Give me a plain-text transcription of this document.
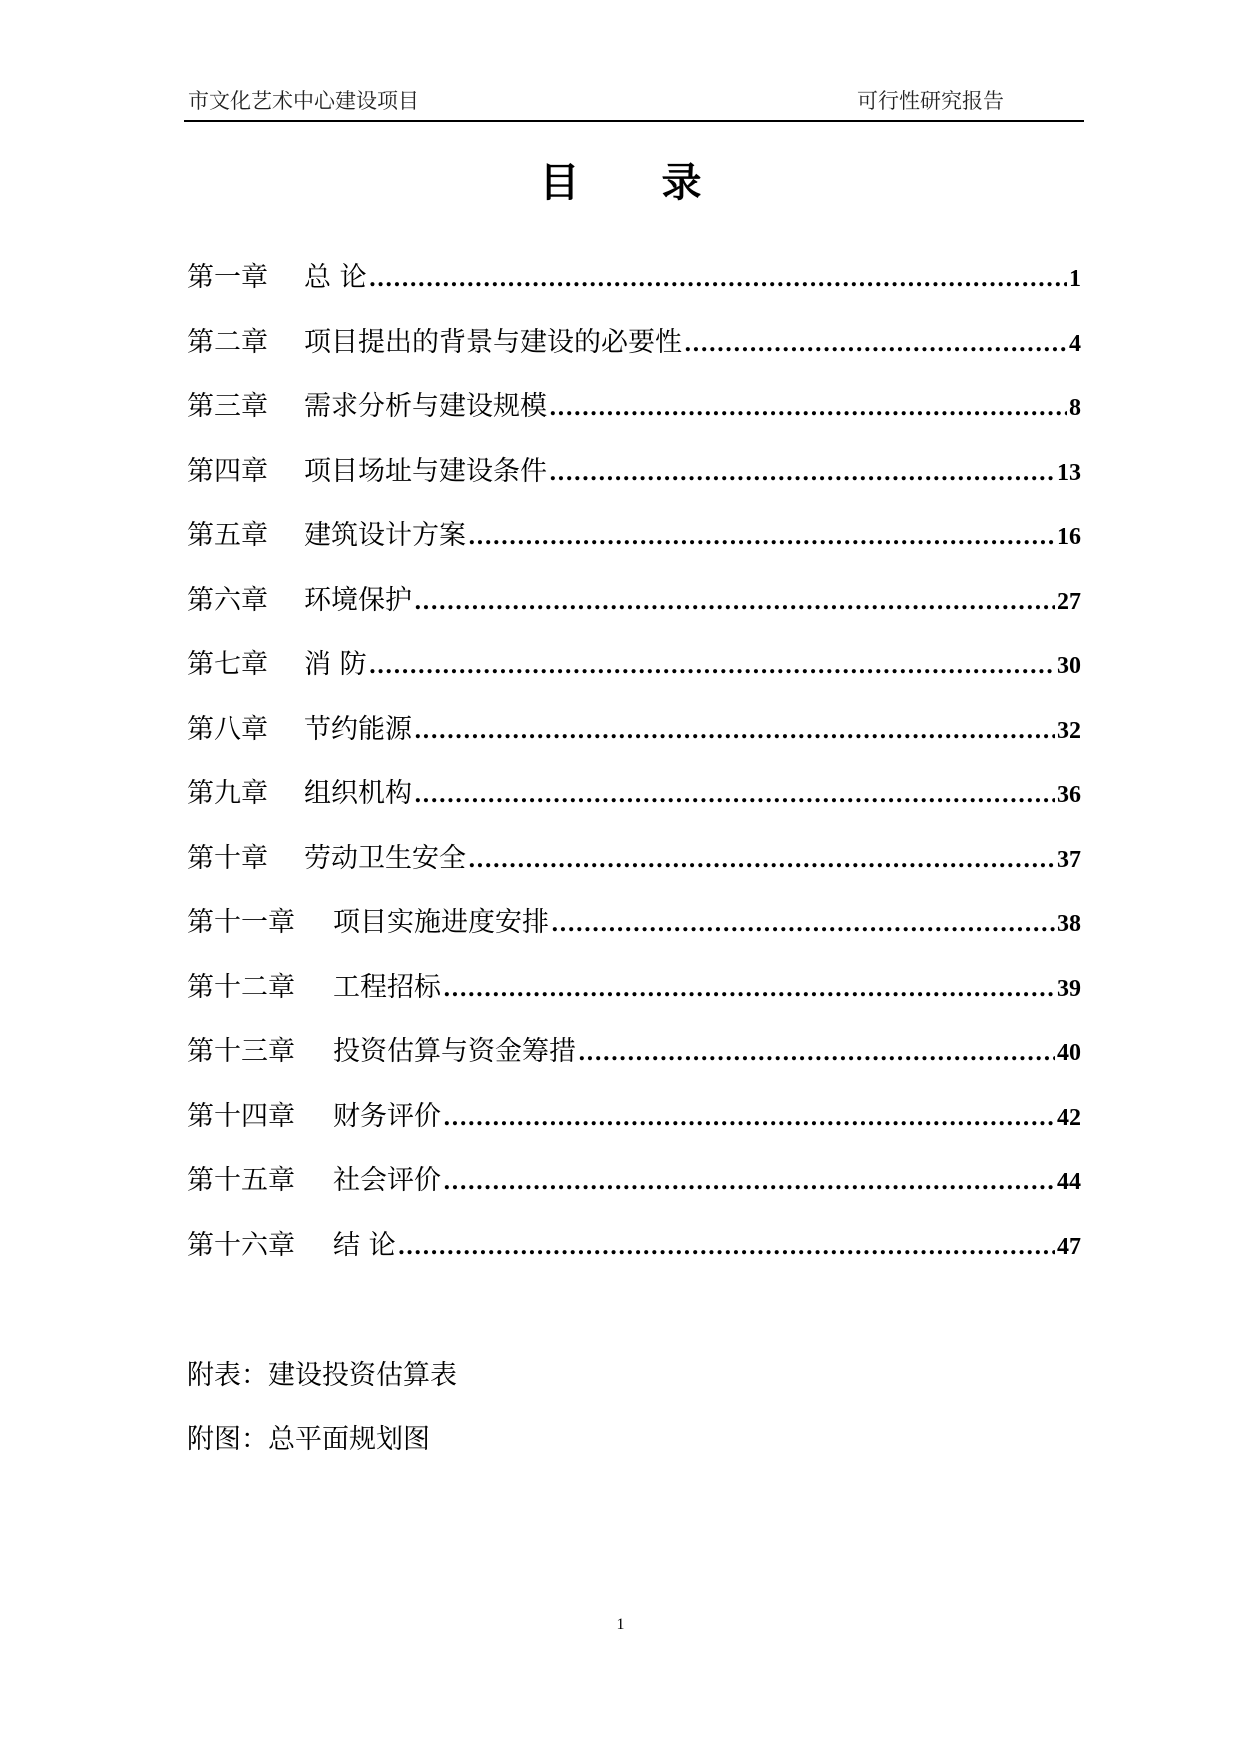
市文化艺术中心建设项目	可行性研究报告
目 录
第一章	总 论 .....	1
第二章	项目提出的背景与建设的必要性 .....	4
第三章	需求分析与建设规模 .....	8
第四章	项目场址与建设条件 .....	13
第五章	建筑设计方案 .....	16
第六章	环境保护 .....	27
第七章	消 防 .....	30
第八章	节约能源 .....	32
第九章	组织机构 .....	36
第十章	劳动卫生安全 .....	37
第十一章	项目实施进度安排 .....	38
第十二章	工程招标 .....	39
第十三章	投资估算与资金筹措 .....	40
第十四章	财务评价 .....	42
第十五章	社会评价 .....	44
第十六章	结 论 .....	47
附表：建设投资估算表
附图：总平面规划图
1
